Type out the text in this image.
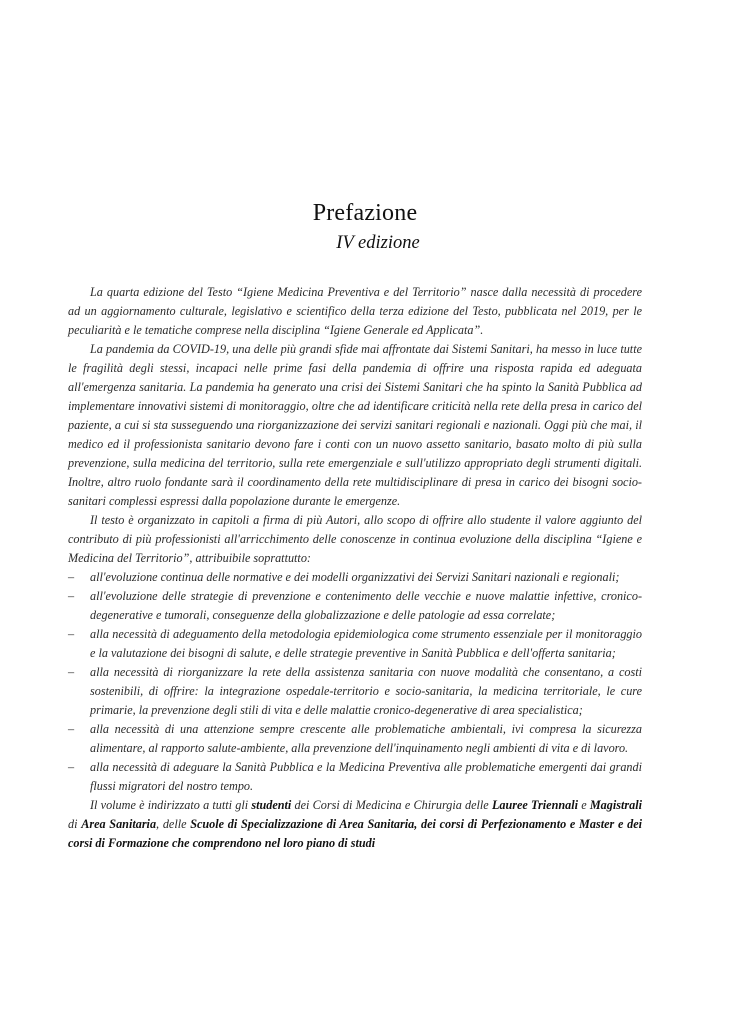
Prefazione
IV edizione

La quarta edizione del Testo “Igiene Medicina Preventiva e del Territorio” nasce dalla necessità di procedere ad un aggiornamento culturale, legislativo e scientifico della terza edizione del Testo, pubblicata nel 2019, per le peculiarità e le tematiche comprese nella disciplina “Igiene Generale ed Applicata”.

La pandemia da COVID-19, una delle più grandi sfide mai affrontate dai Sistemi Sanitari, ha messo in luce tutte le fragilità degli stessi, incapaci nelle prime fasi della pandemia di offrire una risposta rapida ed adeguata all'emergenza sanitaria. La pandemia ha generato una crisi dei Sistemi Sanitari che ha spinto la Sanità Pubblica ad implementare innovativi sistemi di monitoraggio, oltre che ad identificare criticità nella rete della presa in carico del paziente, a cui si sta susseguendo una riorganizzazione dei servizi sanitari regionali e nazionali. Oggi più che mai, il medico ed il professionista sanitario devono fare i conti con un nuovo assetto sanitario, basato molto di più sulla prevenzione, sulla medicina del territorio, sulla rete emergenziale e sull'utilizzo appropriato degli strumenti digitali. Inoltre, altro ruolo fondante sarà il coordinamento della rete multidisciplinare di presa in carico dei bisogni socio-sanitari complessi espressi dalla popolazione durante le emergenze.

Il testo è organizzato in capitoli a firma di più Autori, allo scopo di offrire allo studente il valore aggiunto del contributo di più professionisti all'arricchimento delle conoscenze in continua evoluzione della disciplina “Igiene e Medicina del Territorio”, attribuibile soprattutto:

– all'evoluzione continua delle normative e dei modelli organizzativi dei Servizi Sanitari nazionali e regionali;
– all'evoluzione delle strategie di prevenzione e contenimento delle vecchie e nuove malattie infettive, cronico-degenerative e tumorali, conseguenze della globalizzazione e delle patologie ad essa correlate;
– alla necessità di adeguamento della metodologia epidemiologica come strumento essenziale per il monitoraggio e la valutazione dei bisogni di salute, e delle strategie preventive in Sanità Pubblica e dell'offerta sanitaria;
– alla necessità di riorganizzare la rete della assistenza sanitaria con nuove modalità che consentano, a costi sostenibili, di offrire: la integrazione ospedale-territorio e socio-sanitaria, la medicina territoriale, le cure primarie, la prevenzione degli stili di vita e delle malattie cronico-degenerative di area specialistica;
– alla necessità di una attenzione sempre crescente alle problematiche ambientali, ivi compresa la sicurezza alimentare, al rapporto salute-ambiente, alla prevenzione dell'inquinamento negli ambienti di vita e di lavoro.
– alla necessità di adeguare la Sanità Pubblica e la Medicina Preventiva alle problematiche emergenti dai grandi flussi migratori del nostro tempo.

Il volume è indirizzato a tutti gli studenti dei Corsi di Medicina e Chirurgia delle Lauree Triennali e Magistrali di Area Sanitaria, delle Scuole di Specializzazione di Area Sanitaria, dei corsi di Perfezionamento e Master e dei corsi di Formazione che comprendono nel loro piano di studi
